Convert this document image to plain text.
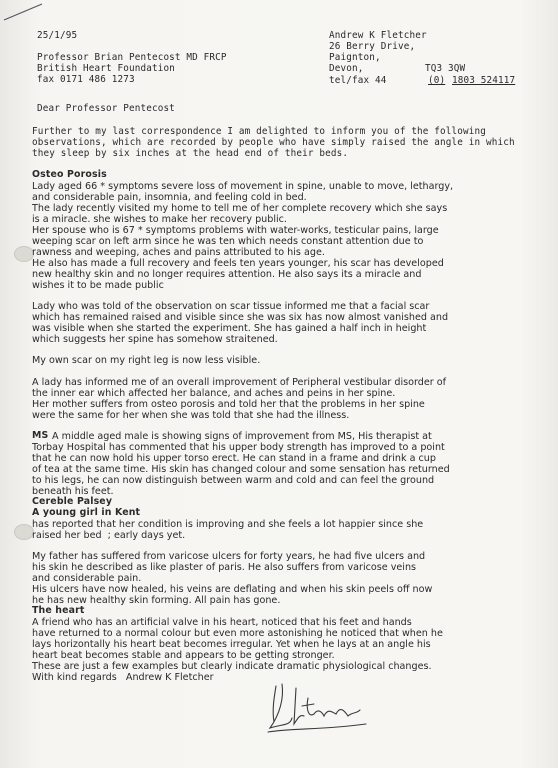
25/1/95	Andrew K Fletcher
26 Berry Drive,
Paignton,
Devon,	TQ3 3QW
tel/fax 44	(0) 1803 524117
Professor Brian Pentecost MD FRCP
British Heart Foundation
fax 0171 486 1273
Dear Professor Pentecost
Further to my last correspondence I am delighted to inform you of the following
observations, which are recorded by people who have simply raised the angle in which
they sleep by six inches at the head end of their beds.
Osteo Porosis
Lady aged 66 * symptoms severe loss of movement in spine, unable to move, lethargy,
and considerable pain, insomnia, and feeling cold in bed.
The lady recently visited my home to tell me of her complete recovery which she says
is a miracle. she wishes to make her recovery public.
Her spouse who is 67 * symptoms problems with water-works, testicular pains, large
weeping scar on left arm since he was ten which needs constant attention due to
rawness and weeping, aches and pains attributed to his age.
He also has made a full recovery and feels ten years younger, his scar has developed
new healthy skin and no longer requires attention. He also says its a miracle and
wishes it to be made public
Lady who was told of the observation on scar tissue informed me that a facial scar
which has remained raised and visible since she was six has now almost vanished and
was visible when she started the experiment. She has gained a half inch in height
which suggests her spine has somehow straitened.
My own scar on my right leg is now less visible.
A lady has informed me of an overall improvement of Peripheral vestibular disorder of
the inner ear which affected her balance, and aches and peins in her spine.
Her mother suffers from osteo porosis and told her that the problems in her spine
were the same for her when she was told that she had the illness.
MS A middle aged male is showing signs of improvement from MS, His therapist at
Torbay Hospital has commented that his upper body strength has improved to a point
that he can now hold his upper torso erect. He can stand in a frame and drink a cup
of tea at the same time. His skin has changed colour and some sensation has returned
to his legs, he can now distinguish between warm and cold and can feel the ground
beneath his feet.
Cereble Palsey
A young girl in Kent
has reported that her condition is improving and she feels a lot happier since she
raised her bed  ; early days yet.
My father has suffered from varicose ulcers for forty years, he had five ulcers and
his skin he described as like plaster of paris. He also suffers from varicose veins
and considerable pain.
His ulcers have now healed, his veins are deflating and when his skin peels off now
he has new healthy skin forming. All pain has gone.
The heart
A friend who has an artificial valve in his heart, noticed that his feet and hands
have returned to a normal colour but even more astonishing he noticed that when he
lays horizontally his heart beat becomes irregular. Yet when he lays at an angle his
heart beat becomes stable and appears to be getting stronger.
These are just a few examples but clearly indicate dramatic physiological changes.
With kind regards   Andrew K Fletcher
